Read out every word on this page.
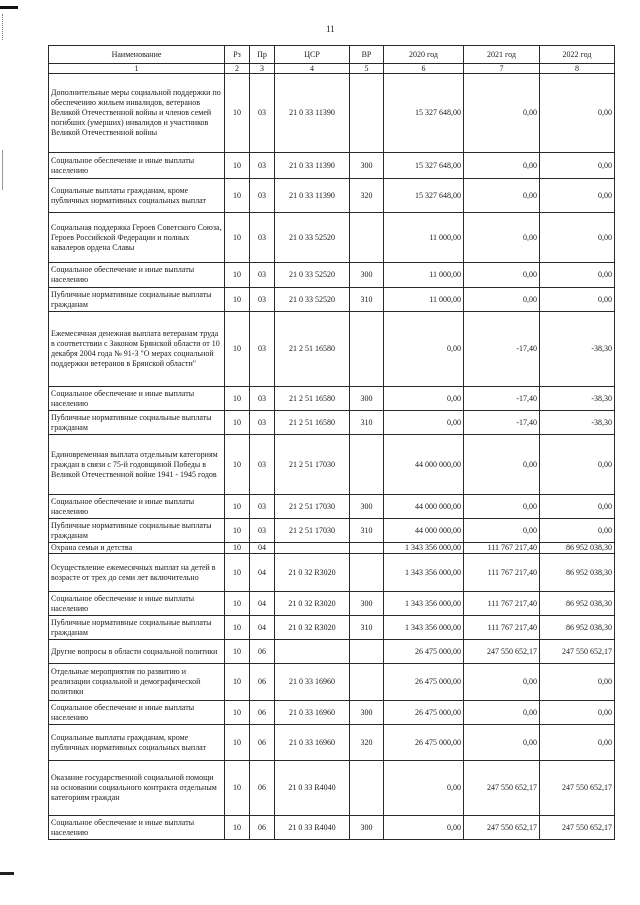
11
Наименование	Рз	Пр	ЦСР	ВР	2020 год	2021 год	2022 год
1	2	3	4	5	6	7	8
Дополнительные меры социальной поддержки по обеспечению жильем инвалидов, ветеранов Великой Отечественной войны и членов семей погибших (умерших) инвалидов и участников Великой Отечественной войны	10	03	21 0 33 11390		15 327 648,00	0,00	0,00
Социальное обеспечение и иные выплаты населению	10	03	21 0 33 11390	300	15 327 648,00	0,00	0,00
Социальные выплаты гражданам, кроме публичных нормативных социальных выплат	10	03	21 0 33 11390	320	15 327 648,00	0,00	0,00
Социальная поддержка Героев Советского Союза, Героев Российской Федерации и полных кавалеров ордена Славы	10	03	21 0 33 52520		11 000,00	0,00	0,00
Социальное обеспечение и иные выплаты населению	10	03	21 0 33 52520	300	11 000,00	0,00	0,00
Публичные нормативные социальные выплаты гражданам	10	03	21 0 33 52520	310	11 000,00	0,00	0,00
Ежемесячная денежная выплата ветеранам труда в соответствии с Законом Брянской области от 10 декабря 2004 года № 91-З "О мерах социальной поддержки ветеранов в Брянской области"	10	03	21 2 51 16580		0,00	-17,40	-38,30
Социальное обеспечение и иные выплаты населению	10	03	21 2 51 16580	300	0,00	-17,40	-38,30
Публичные нормативные социальные выплаты гражданам	10	03	21 2 51 16580	310	0,00	-17,40	-38,30
Единовременная выплата отдельным категориям граждан в связи с 75-й годовщиной Победы в Великой Отечественной войне 1941 - 1945 годов	10	03	21 2 51 17030		44 000 000,00	0,00	0,00
Социальное обеспечение и иные выплаты населению	10	03	21 2 51 17030	300	44 000 000,00	0,00	0,00
Публичные нормативные социальные выплаты гражданам	10	03	21 2 51 17030	310	44 000 000,00	0,00	0,00
Охрана семьи и детства	10	04			1 343 356 000,00	111 767 217,40	86 952 038,30
Осуществление ежемесячных выплат на детей в возрасте от трех до семи лет включительно	10	04	21 0 32 R3020		1 343 356 000,00	111 767 217,40	86 952 038,30
Социальное обеспечение и иные выплаты населению	10	04	21 0 32 R3020	300	1 343 356 000,00	111 767 217,40	86 952 038,30
Публичные нормативные социальные выплаты гражданам	10	04	21 0 32 R3020	310	1 343 356 000,00	111 767 217,40	86 952 038,30
Другие вопросы в области социальной политики	10	06			26 475 000,00	247 550 652,17	247 550 652,17
Отдельные мероприятия по развитию и реализации социальной и демографической политики	10	06	21 0 33 16960		26 475 000,00	0,00	0,00
Социальное обеспечение и иные выплаты населению	10	06	21 0 33 16960	300	26 475 000,00	0,00	0,00
Социальные выплаты гражданам, кроме публичных нормативных социальных выплат	10	06	21 0 33 16960	320	26 475 000,00	0,00	0,00
Оказание государственной социальной помощи на основании социального контракта отдельным категориям граждан	10	06	21 0 33 R4040		0,00	247 550 652,17	247 550 652,17
Социальное обеспечение и иные выплаты населению	10	06	21 0 33 R4040	300	0,00	247 550 652,17	247 550 652,17
